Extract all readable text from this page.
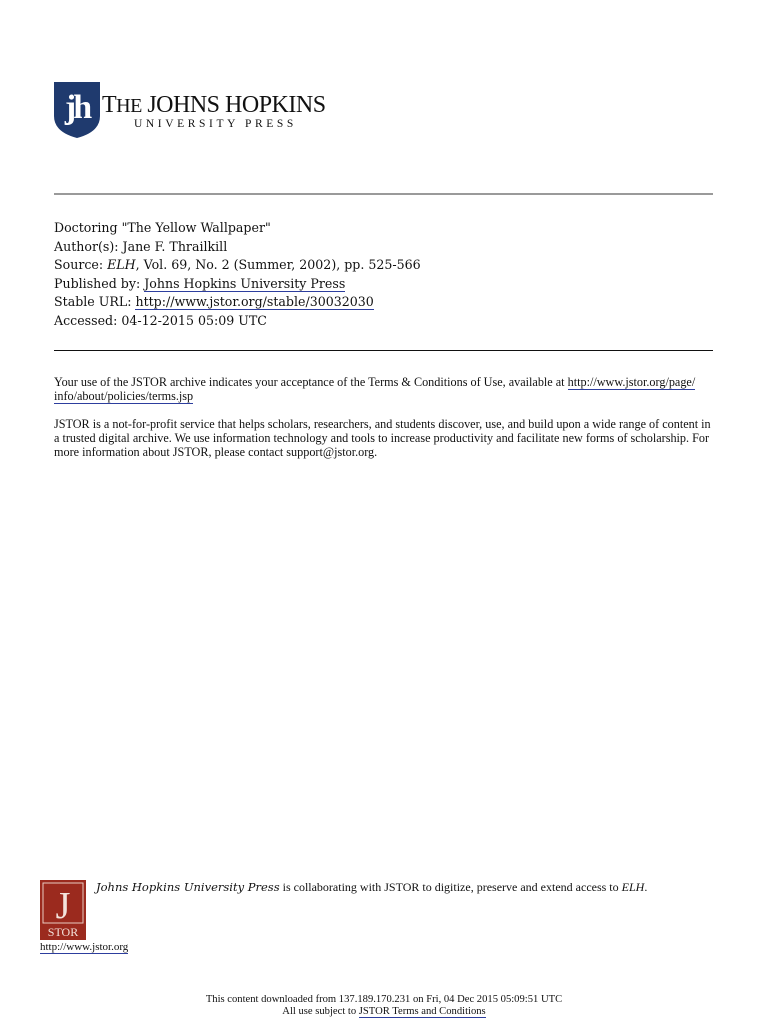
jh THE JOHNS HOPKINS
UNIVERSITY PRESS
Doctoring "The Yellow Wallpaper"
Author(s): Jane F. Thrailkill
Source: ELH, Vol. 69, No. 2 (Summer, 2002), pp. 525-566
Published by: Johns Hopkins University Press
Stable URL: http://www.jstor.org/stable/30032030
Accessed: 04-12-2015 05:09 UTC
Your use of the JSTOR archive indicates your acceptance of the Terms & Conditions of Use, available at http://www.jstor.org/page/
info/about/policies/terms.jsp
JSTOR is a not-for-profit service that helps scholars, researchers, and students discover, use, and build upon a wide range of content in a trusted digital archive. We use information technology and tools to increase productivity and facilitate new forms of scholarship. For more information about JSTOR, please contact support@jstor.org.
J
STOR
http://www.jstor.org
Johns Hopkins University Press is collaborating with JSTOR to digitize, preserve and extend access to ELH.
This content downloaded from 137.189.170.231 on Fri, 04 Dec 2015 05:09:51 UTC
All use subject to JSTOR Terms and Conditions
